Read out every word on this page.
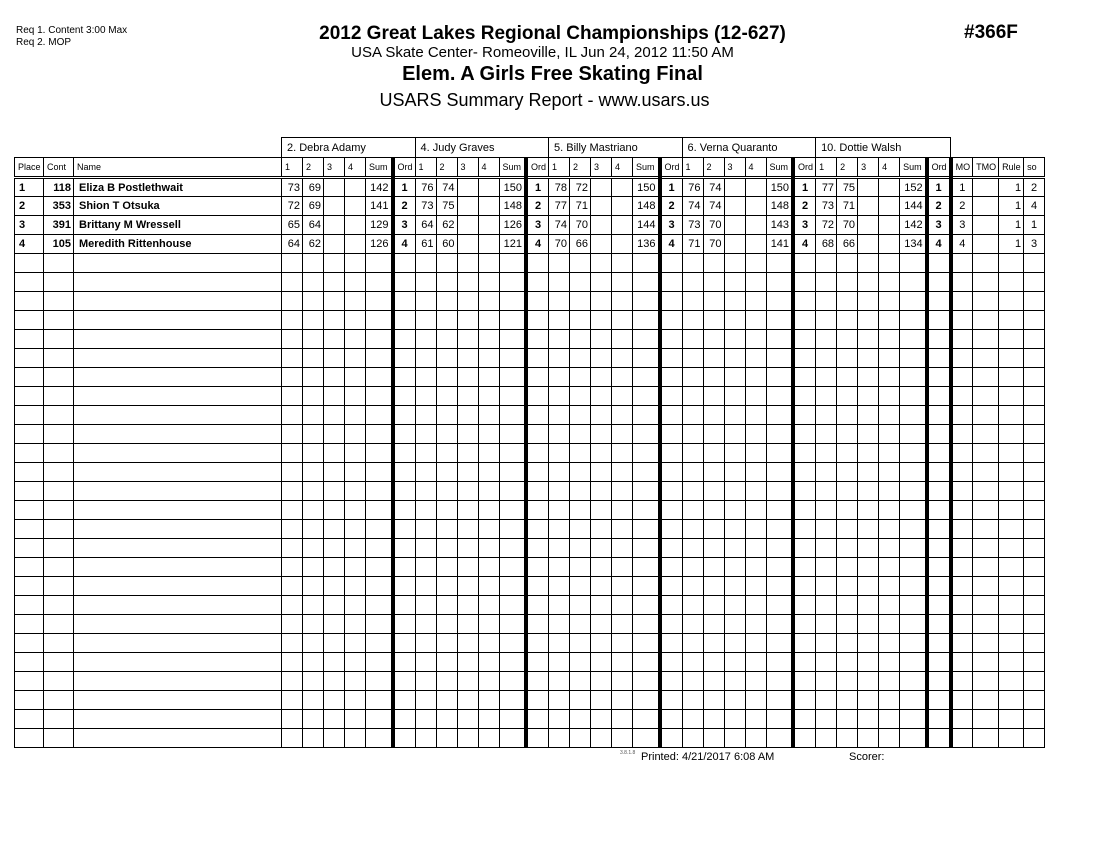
Req 1. Content 3:00 Max
Req 2. MOP	2012 Great Lakes Regional Championships (12-627)
USA Skate Center- Romeoville, IL Jun 24, 2012 11:50 AM
Elem. A Girls Free Skating Final
USARS Summary Report - www.usars.us
#366F
			2. Debra Adamy						4. Judy Graves						5. Billy Mastriano						6. Verna Quaranto						10. Dottie Walsh									
Place	Cont	Name	1	2	3	4	Sum	Ord	1	2	3	4	Sum	Ord	1	2	3	4	Sum	Ord	1	2	3	4	Sum	Ord	1	2	3	4	Sum	Ord	MO	TMO	Rule	so
1	118	Eliza B Postlethwait	73	69			142	1	76	74			150	1	78	72			150	1	76	74			150	1	77	75			152	1	1		1	2
2	353	Shion T Otsuka	72	69			141	2	73	75			148	2	77	71			148	2	74	74			148	2	73	71			144	2	2		1	4
3	391	Brittany M Wressell	65	64			129	3	64	62			126	3	74	70			144	3	73	70			143	3	72	70			142	3	3		1	1
4	105	Meredith Rittenhouse	64	62			126	4	61	60			121	4	70	66			136	4	71	70			141	4	68	66			134	4	4		1	3

3.8.1.8 Printed: 4/21/2017 6:08 AM	Scorer:
